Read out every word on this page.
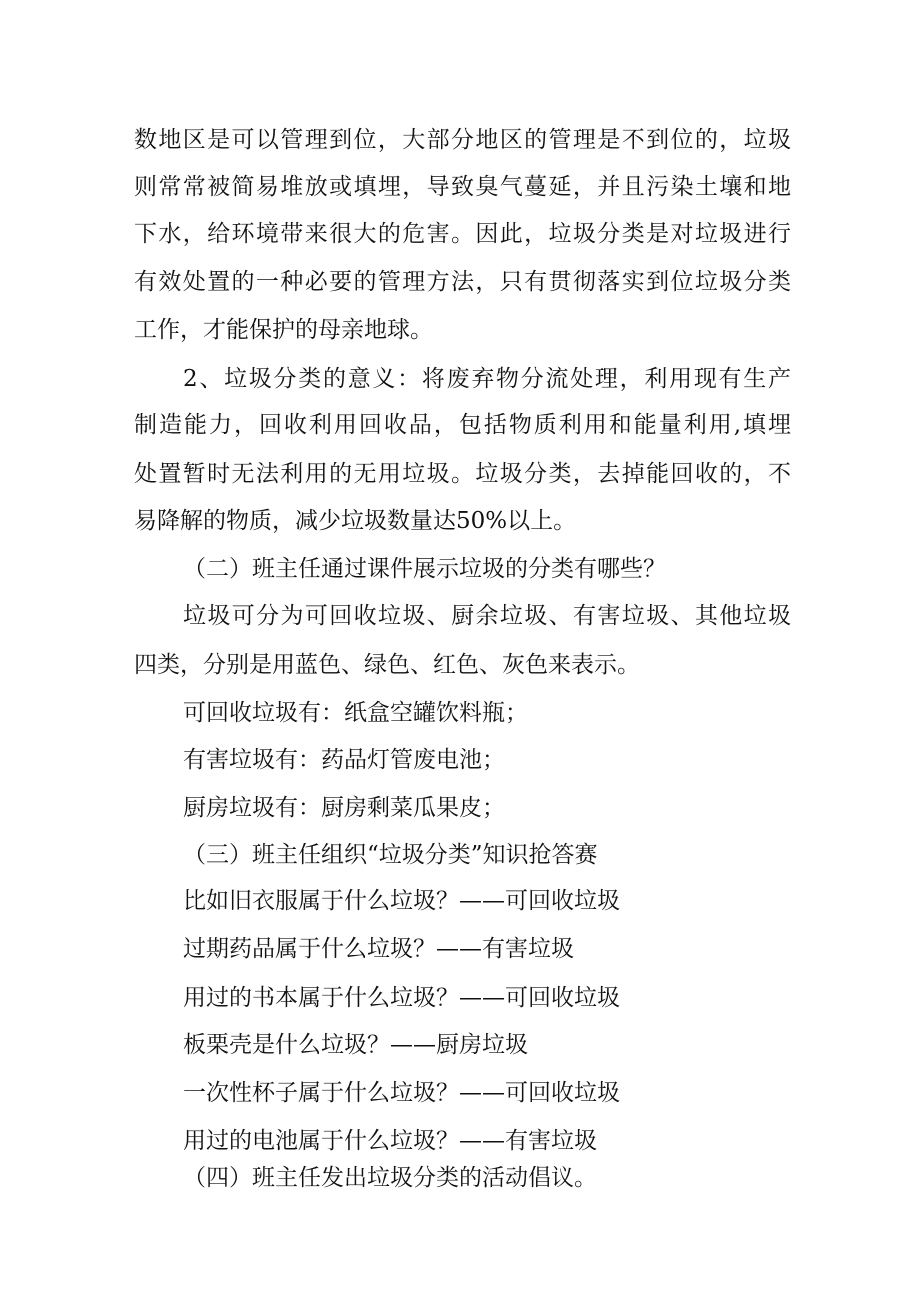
数地区是可以管理到位，大部分地区的管理是不到位的，垃圾
则常常被简易堆放或填埋，导致臭气蔓延，并且污染土壤和地
下水，给环境带来很大的危害。因此，垃圾分类是对垃圾进行
有效处置的一种必要的管理方法，只有贯彻落实到位垃圾分类
工作，才能保护的母亲地球。
2、垃圾分类的意义：将废弃物分流处理，利用现有生产
制造能力，回收利用回收品，包括物质利用和能量利用,填埋
处置暂时无法利用的无用垃圾。垃圾分类，去掉能回收的，不
易降解的物质，减少垃圾数量达50%以上。
（二）班主任通过课件展示垃圾的分类有哪些？
垃圾可分为可回收垃圾、厨余垃圾、有害垃圾、其他垃圾
四类，分别是用蓝色、绿色、红色、灰色来表示。
可回收垃圾有：纸盒空罐饮料瓶；
有害垃圾有：药品灯管废电池；
厨房垃圾有：厨房剩菜瓜果皮；
（三）班主任组织“垃圾分类”知识抢答赛
比如旧衣服属于什么垃圾？——可回收垃圾
过期药品属于什么垃圾？——有害垃圾
用过的书本属于什么垃圾？——可回收垃圾
板栗壳是什么垃圾？——厨房垃圾
一次性杯子属于什么垃圾？——可回收垃圾
用过的电池属于什么垃圾？——有害垃圾
（四）班主任发出垃圾分类的活动倡议。
